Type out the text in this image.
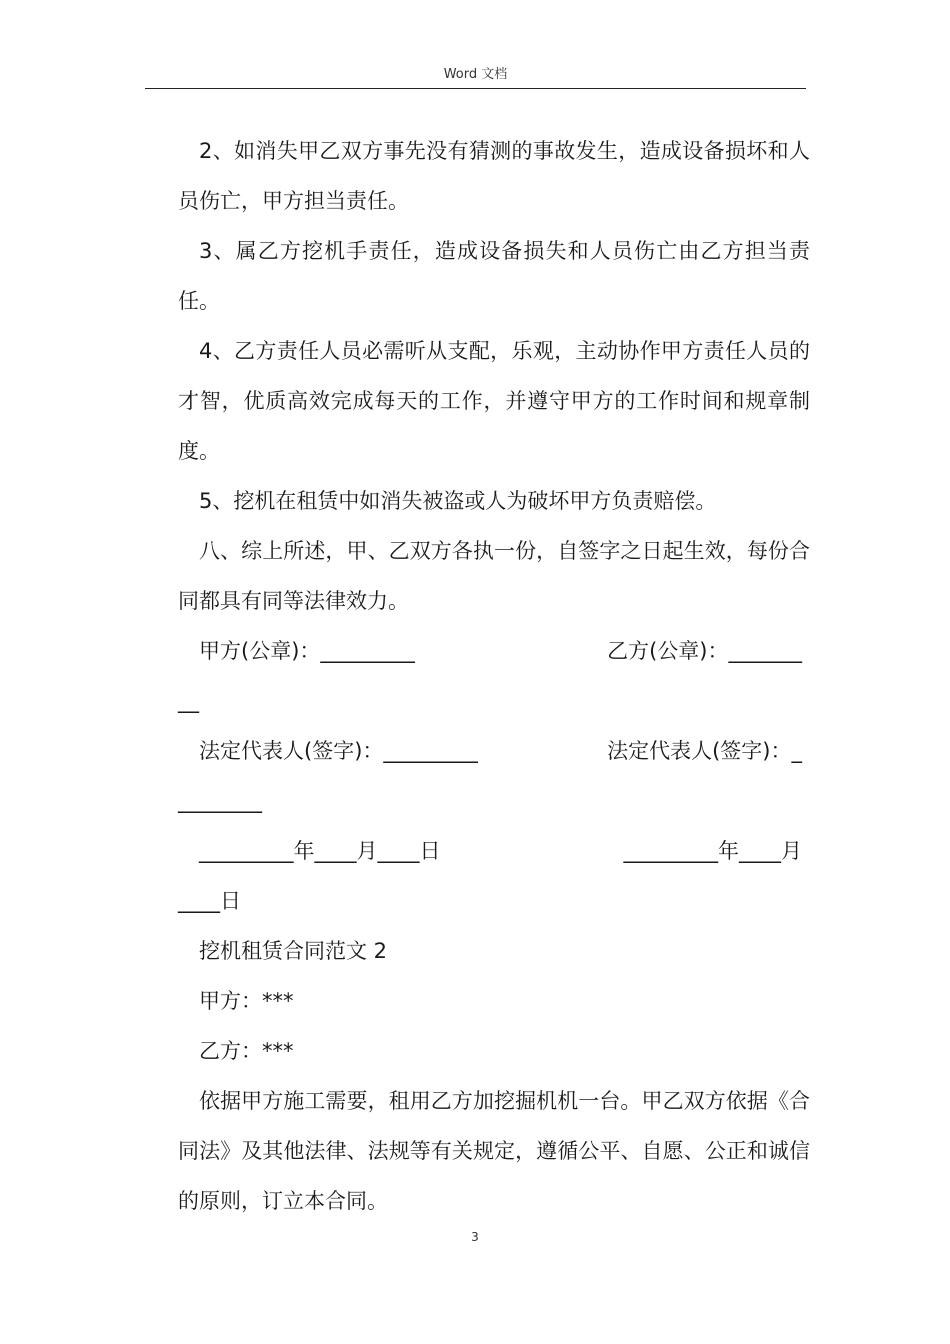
Word 文档

2、如消失甲乙双方事先没有猜测的事故发生，造成设备损坏和人员伤亡，甲方担当责任。

3、属乙方挖机手责任，造成设备损失和人员伤亡由乙方担当责任。

4、乙方责任人员必需听从支配，乐观，主动协作甲方责任人员的才智，优质高效完成每天的工作，并遵守甲方的工作时间和规章制度。

5、挖机在租赁中如消失被盗或人为破坏甲方负责赔偿。

八、综上所述，甲、乙双方各执一份，自签字之日起生效，每份合同都具有同等法律效力。

甲方(公章)：_________	乙方(公章)：_______

__

法定代表人(签字)：_________	法定代表人(签字)：_

________

_________年____月____日	_________年____月

____日

挖机租赁合同范文 2

甲方：***

乙方：***

依据甲方施工需要，租用乙方加挖掘机机一台。甲乙双方依据《合同法》及其他法律、法规等有关规定，遵循公平、自愿、公正和诚信的原则，订立本合同。

3
